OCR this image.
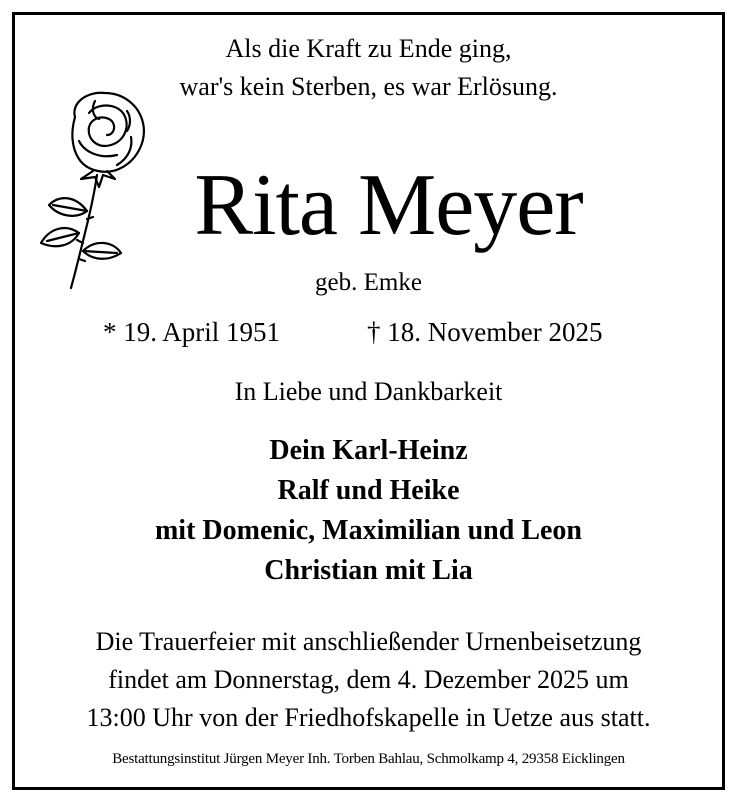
Als die Kraft zu Ende ging,
war's kein Sterben, es war Erlösung.
Rita Meyer
geb. Emke
* 19. April 1951	† 18. November 2025
In Liebe und Dankbarkeit
Dein Karl-Heinz
Ralf und Heike
mit Domenic, Maximilian und Leon
Christian mit Lia
Die Trauerfeier mit anschließender Urnenbeisetzung
findet am Donnerstag, dem 4. Dezember 2025 um
13:00 Uhr von der Friedhofskapelle in Uetze aus statt.
Bestattungsinstitut Jürgen Meyer Inh. Torben Bahlau, Schmolkamp 4, 29358 Eicklingen
